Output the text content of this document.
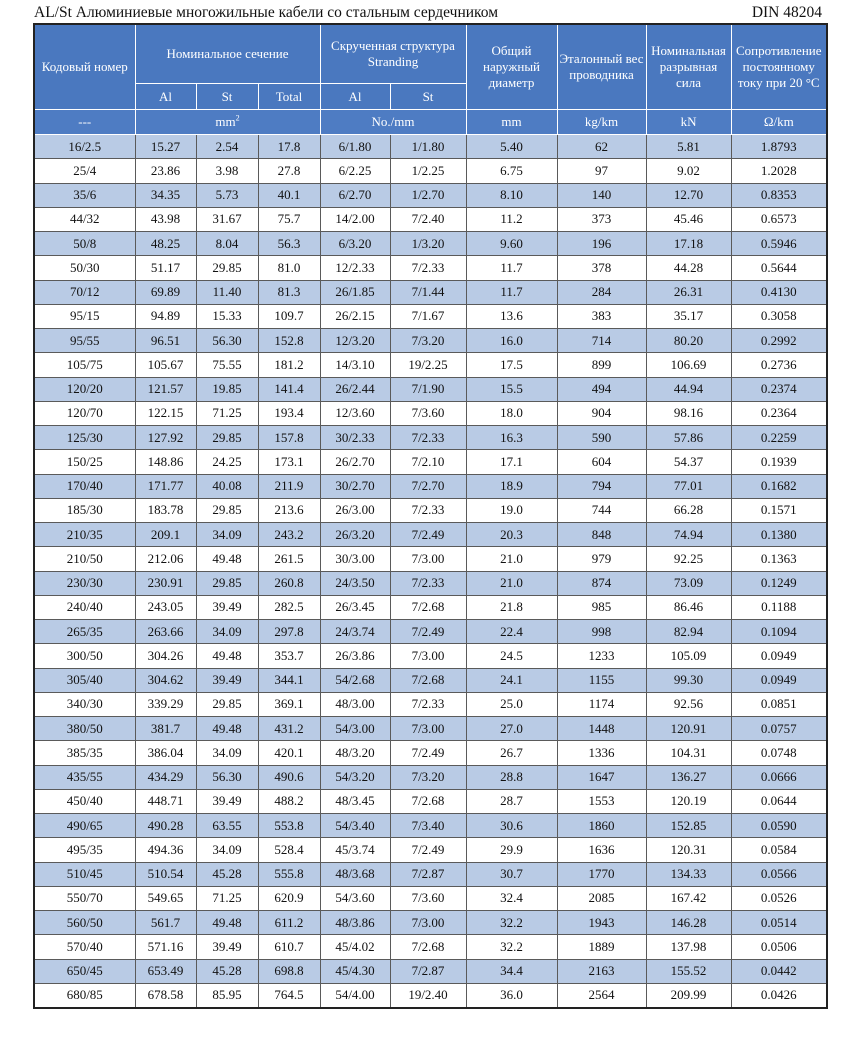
AL/St Алюминиевые многожильные кабели со стальным сердечником	DIN 48204
Кодовый номер	Номинальное сечение			Скрученная структура Stranding		Общий наружный диаметр	Эталонный вес проводника	Номинальная разрывная сила	Сопротивление постоянному току при 20 °C
	Al	St	Total	Al	St				
---	$mm^2$			No./mm		mm	kg/km	kN	Ω/km
16/2.5	15.27	2.54	17.8	6/1.80	1/1.80	5.40	62	5.81	1.8793
25/4	23.86	3.98	27.8	6/2.25	1/2.25	6.75	97	9.02	1.2028
35/6	34.35	5.73	40.1	6/2.70	1/2.70	8.10	140	12.70	0.8353
44/32	43.98	31.67	75.7	14/2.00	7/2.40	11.2	373	45.46	0.6573
50/8	48.25	8.04	56.3	6/3.20	1/3.20	9.60	196	17.18	0.5946
50/30	51.17	29.85	81.0	12/2.33	7/2.33	11.7	378	44.28	0.5644
70/12	69.89	11.40	81.3	26/1.85	7/1.44	11.7	284	26.31	0.4130
95/15	94.89	15.33	109.7	26/2.15	7/1.67	13.6	383	35.17	0.3058
95/55	96.51	56.30	152.8	12/3.20	7/3.20	16.0	714	80.20	0.2992
105/75	105.67	75.55	181.2	14/3.10	19/2.25	17.5	899	106.69	0.2736
120/20	121.57	19.85	141.4	26/2.44	7/1.90	15.5	494	44.94	0.2374
120/70	122.15	71.25	193.4	12/3.60	7/3.60	18.0	904	98.16	0.2364
125/30	127.92	29.85	157.8	30/2.33	7/2.33	16.3	590	57.86	0.2259
150/25	148.86	24.25	173.1	26/2.70	7/2.10	17.1	604	54.37	0.1939
170/40	171.77	40.08	211.9	30/2.70	7/2.70	18.9	794	77.01	0.1682
185/30	183.78	29.85	213.6	26/3.00	7/2.33	19.0	744	66.28	0.1571
210/35	209.1	34.09	243.2	26/3.20	7/2.49	20.3	848	74.94	0.1380
210/50	212.06	49.48	261.5	30/3.00	7/3.00	21.0	979	92.25	0.1363
230/30	230.91	29.85	260.8	24/3.50	7/2.33	21.0	874	73.09	0.1249
240/40	243.05	39.49	282.5	26/3.45	7/2.68	21.8	985	86.46	0.1188
265/35	263.66	34.09	297.8	24/3.74	7/2.49	22.4	998	82.94	0.1094
300/50	304.26	49.48	353.7	26/3.86	7/3.00	24.5	1233	105.09	0.0949
305/40	304.62	39.49	344.1	54/2.68	7/2.68	24.1	1155	99.30	0.0949
340/30	339.29	29.85	369.1	48/3.00	7/2.33	25.0	1174	92.56	0.0851
380/50	381.7	49.48	431.2	54/3.00	7/3.00	27.0	1448	120.91	0.0757
385/35	386.04	34.09	420.1	48/3.20	7/2.49	26.7	1336	104.31	0.0748
435/55	434.29	56.30	490.6	54/3.20	7/3.20	28.8	1647	136.27	0.0666
450/40	448.71	39.49	488.2	48/3.45	7/2.68	28.7	1553	120.19	0.0644
490/65	490.28	63.55	553.8	54/3.40	7/3.40	30.6	1860	152.85	0.0590
495/35	494.36	34.09	528.4	45/3.74	7/2.49	29.9	1636	120.31	0.0584
510/45	510.54	45.28	555.8	48/3.68	7/2.87	30.7	1770	134.33	0.0566
550/70	549.65	71.25	620.9	54/3.60	7/3.60	32.4	2085	167.42	0.0526
560/50	561.7	49.48	611.2	48/3.86	7/3.00	32.2	1943	146.28	0.0514
570/40	571.16	39.49	610.7	45/4.02	7/2.68	32.2	1889	137.98	0.0506
650/45	653.49	45.28	698.8	45/4.30	7/2.87	34.4	2163	155.52	0.0442
680/85	678.58	85.95	764.5	54/4.00	19/2.40	36.0	2564	209.99	0.0426
